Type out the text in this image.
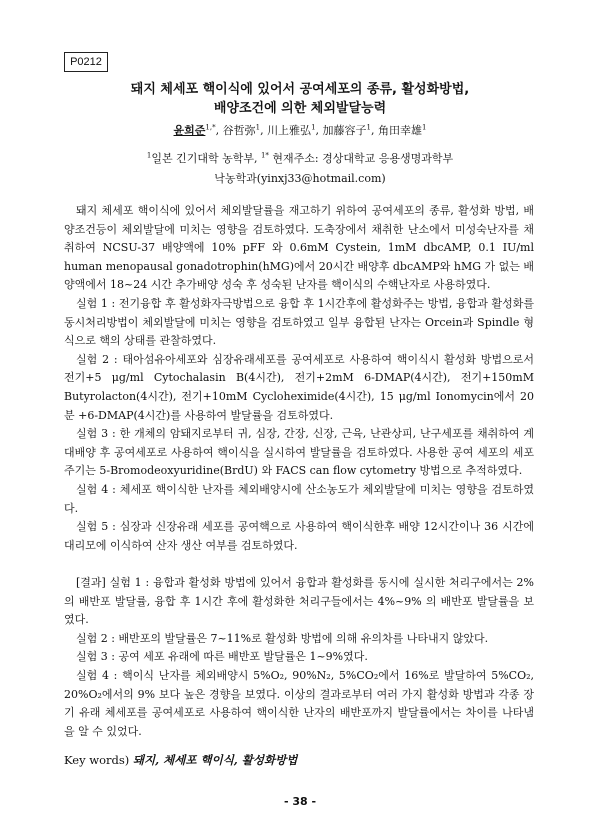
P0212
돼지 체세포 핵이식에 있어서 공여세포의 종류, 활성화방법,
배양조건에 의한 체외발달능력
윤희준$^{1,*}$, 谷哲弥$^1$, 川上雅弘$^1$, 加藤容子$^1$, 角田幸雄$^1$
$^1$일본 긴기대학 농학부, $^{1*}$ 현재주소: 경상대학교 응용생명과학부
낙농학과(yinxj33@hotmail.com)

돼지 체세포 핵이식에 있어서 체외발달률을 재고하기 위하여 공여세포의 종류, 활성화 방법, 배양조건등이 체외발달에 미치는 영향을 검토하였다. 도축장에서 채취한 난소에서 미성숙난자를 채취하여 NCSU-37 배양액에 10% pFF 와 0.6mM Cystein, 1mM dbcAMP, 0.1 IU/ml human menopausal gonadotrophin(hMG)에서 20시간 배양후 dbcAMP와 hMG 가 없는 배양액에서 18~24 시간 추가배양 성숙 후 성숙된 난자를 핵이식의 수핵난자로 사용하였다.

실험 1 : 전기융합 후 활성화자극방법으로 융합 후 1시간후에 활성화주는 방법, 융합과 활성화를 동시처리방법이 체외발달에 미치는 영향을 검토하였고 일부 융합된 난자는 Orcein과 Spindle 형식으로 핵의 상태를 관찰하였다.

실험 2 : 태아섬유아세포와 심장유래세포를 공여세포로 사용하여 핵이식시 활성화 방법으로서 전기+5 μg/ml Cytochalasin B(4시간), 전기+2mM 6-DMAP(4시간), 전기+150mM Butyrolacton(4시간), 전기+10mM Cycloheximide(4시간), 15 μg/ml Ionomycin에서 20분 +6-DMAP(4시간)를 사용하여 발달률을 검토하였다.

실험 3 : 한 개체의 암돼지로부터 귀, 심장, 간장, 신장, 근육, 난관상피, 난구세포를 채취하여 계대배양 후 공여세포로 사용하여 핵이식을 실시하여 발달률을 검토하였다. 사용한 공여 세포의 세포주기는 5-Bromodeoxyuridine(BrdU) 와 FACS can flow cytometry 방법으로 추적하였다.

실험 4 : 체세포 핵이식한 난자를 체외배양시에 산소농도가 체외발달에 미치는 영향을 검토하였다.

실험 5 : 심장과 신장유래 세포를 공여핵으로 사용하여 핵이식한후 배양 12시간이나 36 시간에 대리모에 이식하여 산자 생산 여부를 검토하였다.

[결과] 실험 1 : 융합과 활성화 방법에 있어서 융합과 활성화를 동시에 실시한 처리구에서는 2% 의 배반포 발달률, 융합 후 1시간 후에 활성화한 처리구들에서는 4%~9% 의 배반포 발달률을 보였다.

실험 2 : 배반포의 발달률은 7~11%로 활성화 방법에 의해 유의차를 나타내지 않았다.

실험 3 : 공여 세포 유래에 따른 배반포 발달률은 1~9%였다.

실험 4 : 핵이식 난자를 체외배양시 5%O₂, 90%N₂, 5%CO₂에서 16%로 발달하여 5%CO₂, 20%O₂에서의 9% 보다 높은 경향을 보였다. 이상의 결과로부터 여러 가지 활성화 방법과 각종 장기 유래 체세포를 공여세포로 사용하여 핵이식한 난자의 배반포까지 발달률에서는 차이를 나타냄을 알 수 있었다.

Key words) 돼지, 체세포 핵이식, 활성화방법
- 38 -
